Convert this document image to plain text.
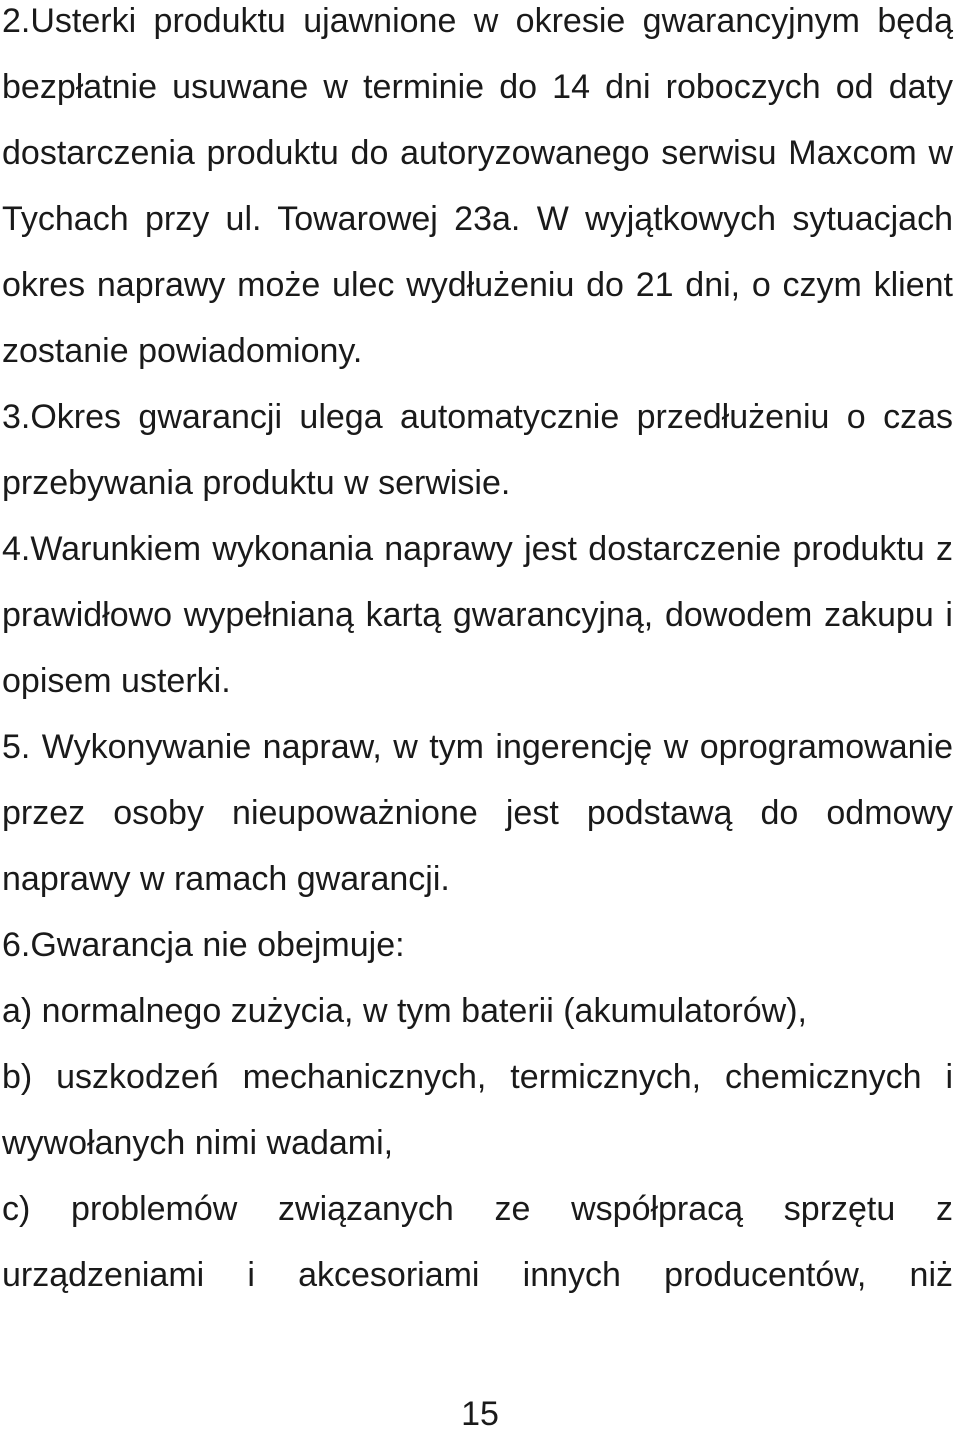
2.Usterki produktu ujawnione w okresie gwarancyjnym będą bezpłatnie usuwane w terminie do 14 dni roboczych od daty dostarczenia produktu do autoryzowanego serwisu Maxcom w Tychach przy ul. Towarowej 23a. W wyjątkowych sytuacjach okres naprawy może ulec wydłużeniu do 21 dni, o czym klient zostanie powiadomiony.

3.Okres gwarancji ulega automatycznie przedłużeniu o czas przebywania produktu w serwisie.

4.Warunkiem wykonania naprawy jest dostarczenie produktu z prawidłowo wypełnianą kartą gwarancyjną, dowodem zakupu i opisem usterki.

5. Wykonywanie napraw, w tym ingerencję w oprogramowanie przez osoby nieupoważnione jest podstawą do odmowy naprawy w ramach gwarancji.

6.Gwarancja nie obejmuje:

a) normalnego zużycia, w tym baterii (akumulatorów),

b) uszkodzeń mechanicznych, termicznych, chemicznych i wywołanych nimi wadami,

c) problemów związanych ze współpracą sprzętu z urządzeniami i akcesoriami innych producentów, niż

15
